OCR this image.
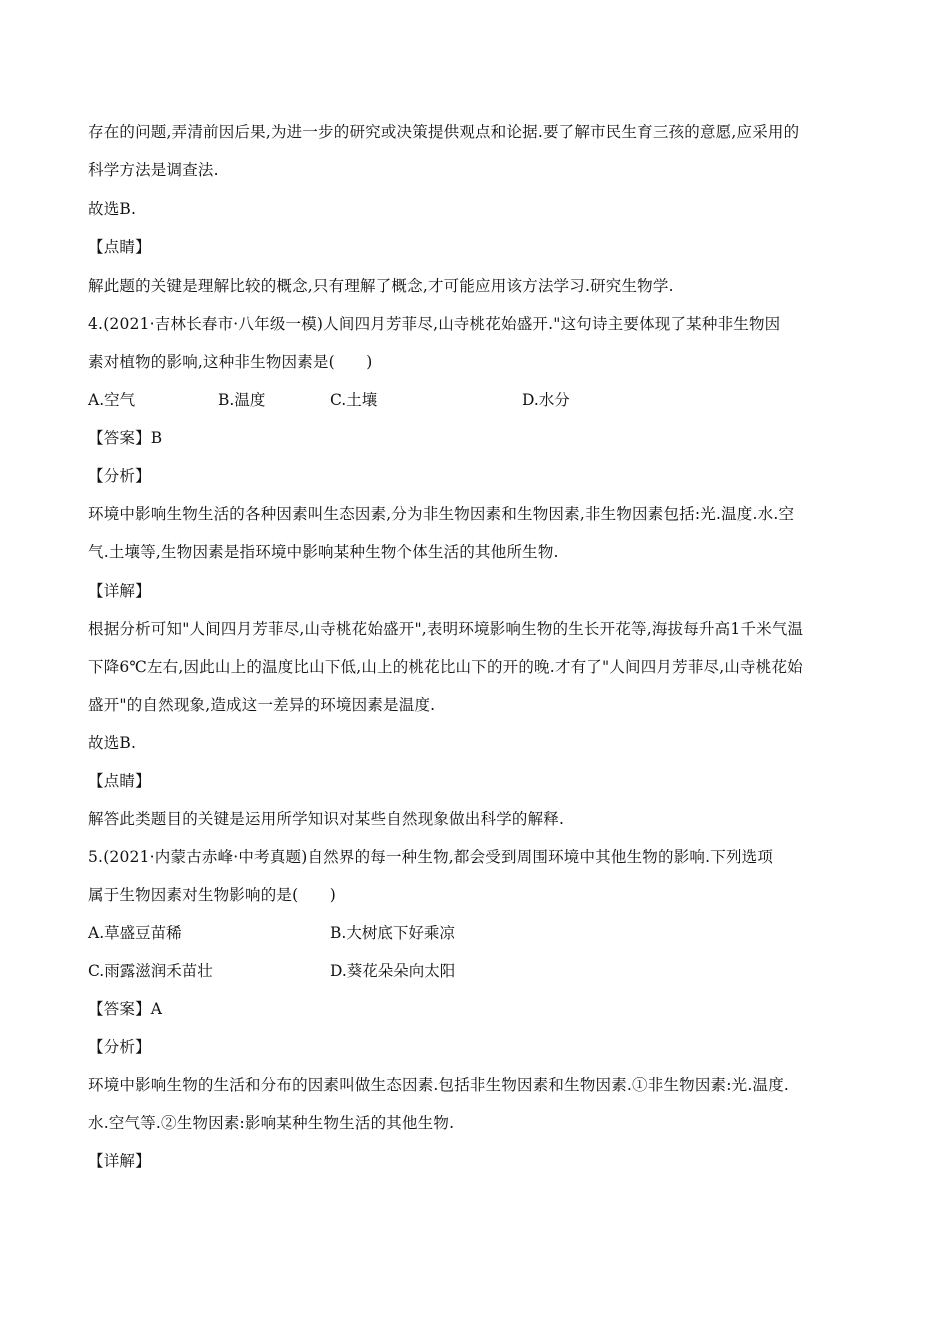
存在的问题,弄清前因后果,为进一步的研究或决策提供观点和论据.要了解市民生育三孩的意愿,应采用的
科学方法是调查法.
故选B.
【点睛】
解此题的关键是理解比较的概念,只有理解了概念,才可能应用该方法学习.研究生物学.
4.(2021·吉林长春市·八年级一模)人间四月芳菲尽,山寺桃花始盛开."这句诗主要体现了某种非生物因
素对植物的影响,这种非生物因素是(　　)
A.空气	B.温度	C.土壤	D.水分
【答案】B
【分析】
环境中影响生物生活的各种因素叫生态因素,分为非生物因素和生物因素,非生物因素包括:光.温度.水.空
气.土壤等,生物因素是指环境中影响某种生物个体生活的其他所生物.
【详解】
根据分析可知"人间四月芳菲尽,山寺桃花始盛开",表明环境影响生物的生长开花等,海拔每升高1千米气温
下降6℃左右,因此山上的温度比山下低,山上的桃花比山下的开的晚.才有了"人间四月芳菲尽,山寺桃花始
盛开"的自然现象,造成这一差异的环境因素是温度.
故选B.
【点睛】
解答此类题目的关键是运用所学知识对某些自然现象做出科学的解释.
5.(2021·内蒙古赤峰·中考真题)自然界的每一种生物,都会受到周围环境中其他生物的影响.下列选项
属于生物因素对生物影响的是(　　)
A.草盛豆苗稀	B.大树底下好乘凉
C.雨露滋润禾苗壮	D.葵花朵朵向太阳
【答案】A
【分析】
环境中影响生物的生活和分布的因素叫做生态因素.包括非生物因素和生物因素.①非生物因素:光.温度.
水.空气等.②生物因素:影响某种生物生活的其他生物.
【详解】
